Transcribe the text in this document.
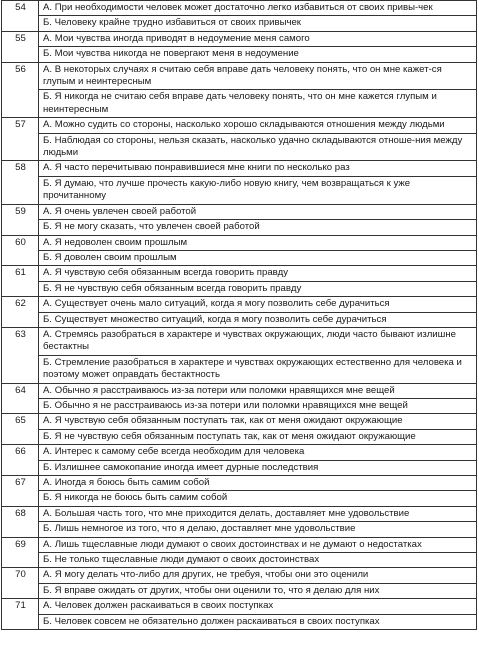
54	А. При необходимости человек может достаточно легко избавиться от своих привы-чек
	Б. Человеку крайне трудно избавиться от своих привычек
55	А. Мои чувства иногда приводят в недоумение меня самого
	Б. Мои чувства никогда не повергают меня в недоумение
56	А. В некоторых случаях я считаю себя вправе дать человеку понять, что он мне кажет-ся глупым и неинтересным
	Б. Я никогда не считаю себя вправе дать человеку понять, что он мне кажется глупым и неинтересным
57	А. Можно судить со стороны, насколько хорошо складываются отношения между людьми
	Б. Наблюдая со стороны, нельзя сказать, насколько удачно складываются отноше-ния между людьми
58	А. Я часто перечитываю понравившиеся мне книги по несколько раз
	Б. Я думаю, что лучше прочесть какую-либо новую книгу, чем возвращаться к уже прочитанному
59	А. Я очень увлечен своей работой
	Б. Я не могу сказать, что увлечен своей работой
60	А. Я недоволен своим прошлым
	Б. Я доволен своим прошлым
61	А. Я чувствую себя обязанным всегда говорить правду
	Б. Я не чувствую себя обязанным всегда говорить правду
62	А. Существует очень мало ситуаций, когда я могу позволить себе дурачиться
	Б. Существует множество ситуаций, когда я могу позволить себе дурачиться
63	А. Стремясь разобраться в характере и чувствах окружающих, люди часто бывают излишне бестактны
	Б. Стремление разобраться в характере и чувствах окружающих естественно для человека и поэтому может оправдать бестактность
64	А. Обычно я расстраиваюсь из-за потери или поломки нравящихся мне вещей
	Б. Обычно я не расстраиваюсь из-за потери или поломки нравящихся мне вещей
65	А. Я чувствую себя обязанным поступать так, как от меня ожидают окружающие
	Б. Я не чувствую себя обязанным поступать так, как от меня ожидают окружающие
66	А. Интерес к самому себе всегда необходим для человека
	Б. Излишнее самокопание иногда имеет дурные последствия
67	А. Иногда я боюсь быть самим собой
	Б. Я никогда не боюсь быть самим собой
68	А. Большая часть того, что мне приходится делать, доставляет мне удовольствие
	Б. Лишь немногое из того, что я делаю, доставляет мне удовольствие
69	А. Лишь тщеславные люди думают о своих достоинствах и не думают о недостатках
	Б. Не только тщеславные люди думают о своих достоинствах
70	А. Я могу делать что-либо для других, не требуя, чтобы они это оценили
	Б. Я вправе ожидать от других, чтобы они оценили то, что я делаю для них
71	А. Человек должен раскаиваться в своих поступках
	Б. Человек совсем не обязательно должен раскаиваться в своих поступках
